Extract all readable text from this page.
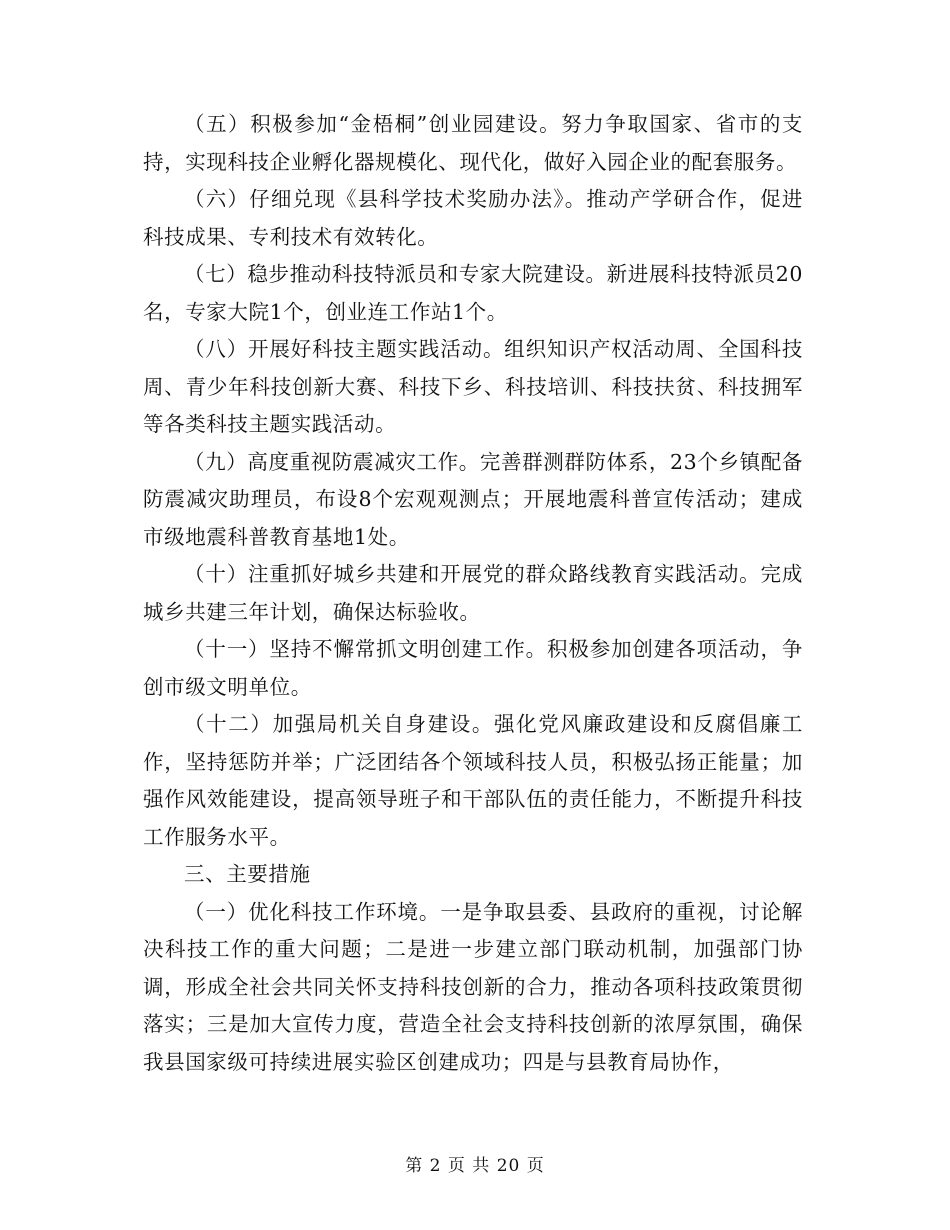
（五）积极参加“金梧桐”创业园建设。努力争取国家、省市的支持，实现科技企业孵化器规模化、现代化，做好入园企业的配套服务。

（六）仔细兑现《县科学技术奖励办法》。推动产学研合作，促进科技成果、专利技术有效转化。

（七）稳步推动科技特派员和专家大院建设。新进展科技特派员20名，专家大院1个，创业连工作站1个。

（八）开展好科技主题实践活动。组织知识产权活动周、全国科技周、青少年科技创新大赛、科技下乡、科技培训、科技扶贫、科技拥军等各类科技主题实践活动。

（九）高度重视防震减灾工作。完善群测群防体系，23个乡镇配备防震减灾助理员，布设8个宏观观测点；开展地震科普宣传活动；建成市级地震科普教育基地1处。

（十）注重抓好城乡共建和开展党的群众路线教育实践活动。完成城乡共建三年计划，确保达标验收。

（十一）坚持不懈常抓文明创建工作。积极参加创建各项活动，争创市级文明单位。

（十二）加强局机关自身建设。强化党风廉政建设和反腐倡廉工作，坚持惩防并举；广泛团结各个领域科技人员，积极弘扬正能量；加强作风效能建设，提高领导班子和干部队伍的责任能力，不断提升科技工作服务水平。

三、主要措施

（一）优化科技工作环境。一是争取县委、县政府的重视，讨论解决科技工作的重大问题；二是进一步建立部门联动机制，加强部门协调，形成全社会共同关怀支持科技创新的合力，推动各项科技政策贯彻落实；三是加大宣传力度，营造全社会支持科技创新的浓厚氛围，确保我县国家级可持续进展实验区创建成功；四是与县教育局协作，

第 2 页 共 20 页
